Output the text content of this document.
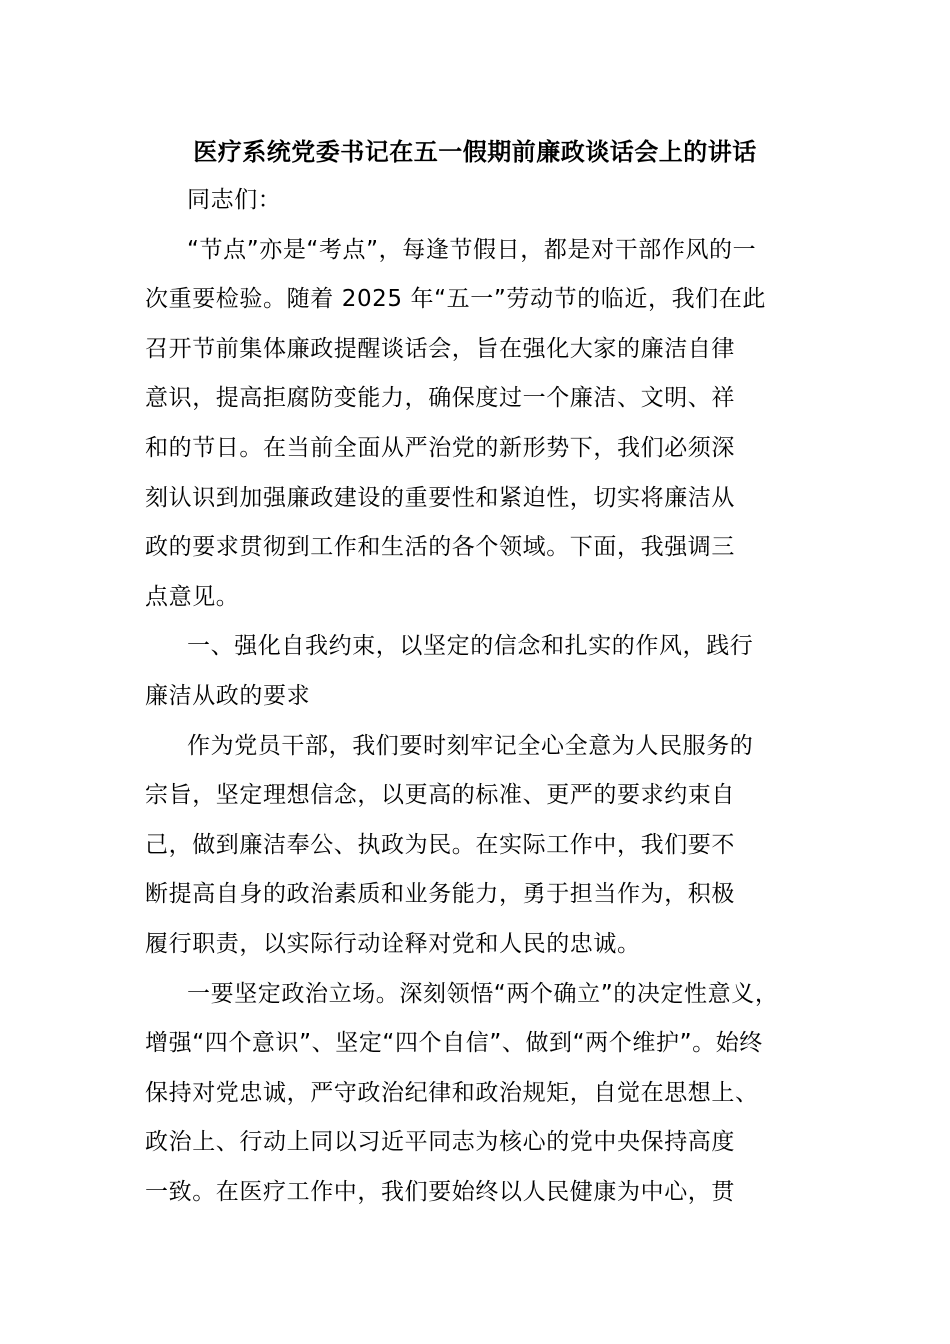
医疗系统党委书记在五一假期前廉政谈话会上的讲话
同志们：
“节点”亦是“考点”，每逢节假日，都是对干部作风的一
次重要检验。随着 2025 年“五一”劳动节的临近，我们在此
召开节前集体廉政提醒谈话会，旨在强化大家的廉洁自律
意识，提高拒腐防变能力，确保度过一个廉洁、文明、祥
和的节日。在当前全面从严治党的新形势下，我们必须深
刻认识到加强廉政建设的重要性和紧迫性，切实将廉洁从
政的要求贯彻到工作和生活的各个领域。下面，我强调三
点意见。
一、强化自我约束，以坚定的信念和扎实的作风，践行
廉洁从政的要求
作为党员干部，我们要时刻牢记全心全意为人民服务的
宗旨，坚定理想信念，以更高的标准、更严的要求约束自
己，做到廉洁奉公、执政为民。在实际工作中，我们要不
断提高自身的政治素质和业务能力，勇于担当作为，积极
履行职责，以实际行动诠释对党和人民的忠诚。
一要坚定政治立场。深刻领悟“两个确立”的决定性意义，
增强“四个意识”、坚定“四个自信”、做到“两个维护”。始终
保持对党忠诚，严守政治纪律和政治规矩，自觉在思想上、
政治上、行动上同以习近平同志为核心的党中央保持高度
一致。在医疗工作中，我们要始终以人民健康为中心，贯
